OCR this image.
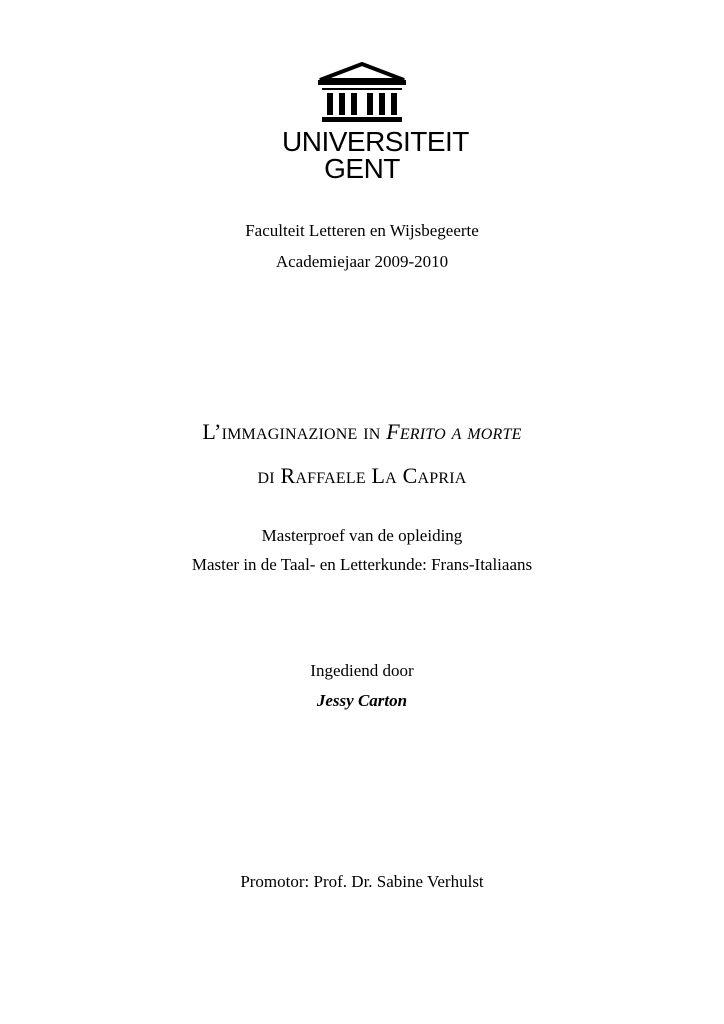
UNIVERSITEIT
GENT
Faculteit Letteren en Wijsbegeerte
Academiejaar 2009-2010
L’IMMAGINAZIONE IN FERITO A MORTE
DI RAFFAELE LA CAPRIA
Masterproef van de opleiding
Master in de Taal- en Letterkunde: Frans-Italiaans
Ingediend door
Jessy Carton
Promotor: Prof. Dr. Sabine Verhulst
